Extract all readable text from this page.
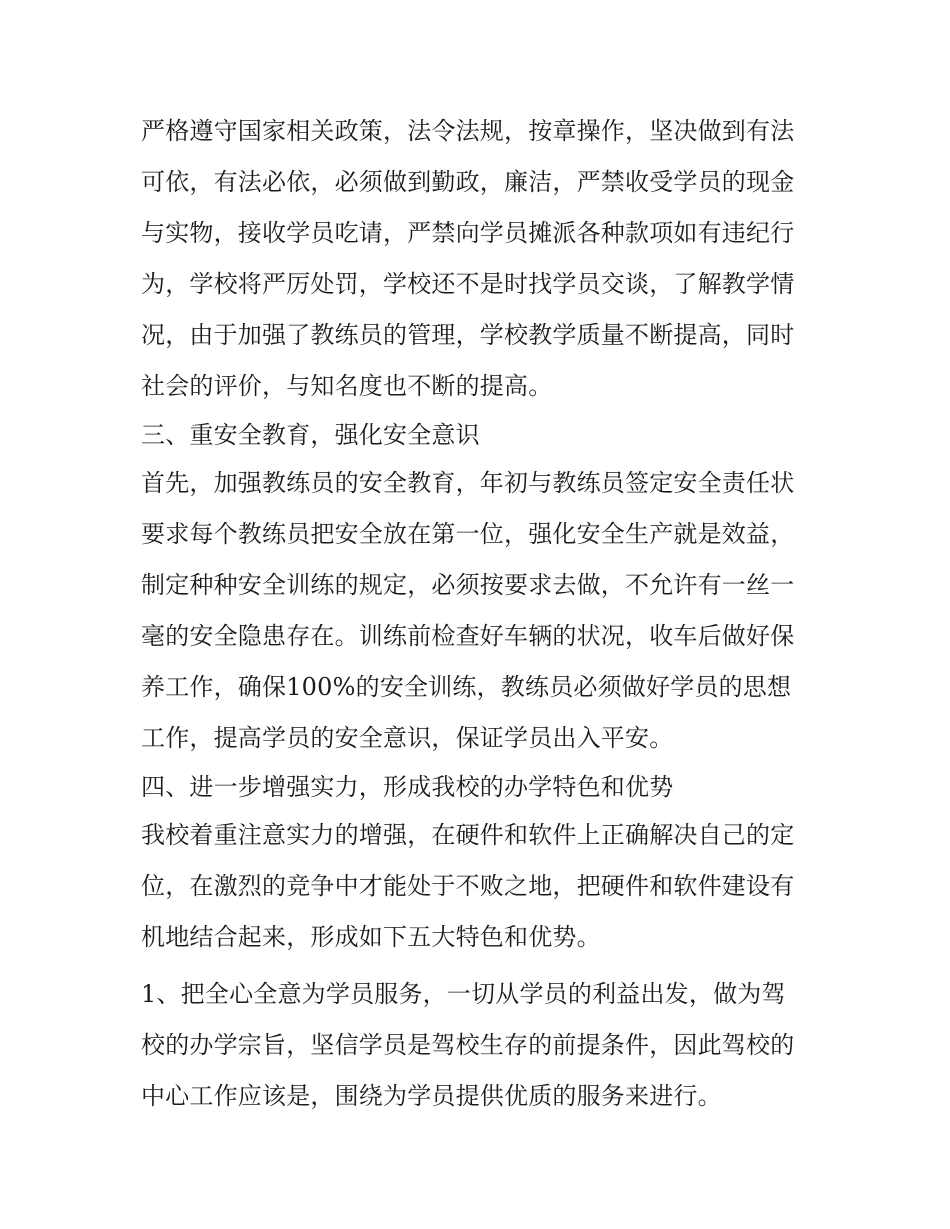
严格遵守国家相关政策，法令法规，按章操作，坚决做到有法
可依，有法必依，必须做到勤政，廉洁，严禁收受学员的现金
与实物，接收学员吃请，严禁向学员摊派各种款项如有违纪行
为，学校将严厉处罚，学校还不是时找学员交谈，了解教学情
况，由于加强了教练员的管理，学校教学质量不断提高，同时
社会的评价，与知名度也不断的提高。
三、重安全教育，强化安全意识
首先，加强教练员的安全教育，年初与教练员签定安全责任状
要求每个教练员把安全放在第一位，强化安全生产就是效益，
制定种种安全训练的规定，必须按要求去做，不允许有一丝一
毫的安全隐患存在。训练前检查好车辆的状况，收车后做好保
养工作，确保100%的安全训练，教练员必须做好学员的思想
工作，提高学员的安全意识，保证学员出入平安。
四、进一步增强实力，形成我校的办学特色和优势
我校着重注意实力的增强，在硬件和软件上正确解决自己的定
位，在激烈的竞争中才能处于不败之地，把硬件和软件建设有
机地结合起来，形成如下五大特色和优势。
1、把全心全意为学员服务，一切从学员的利益出发，做为驾
校的办学宗旨，坚信学员是驾校生存的前提条件，因此驾校的
中心工作应该是，围绕为学员提供优质的服务来进行。
